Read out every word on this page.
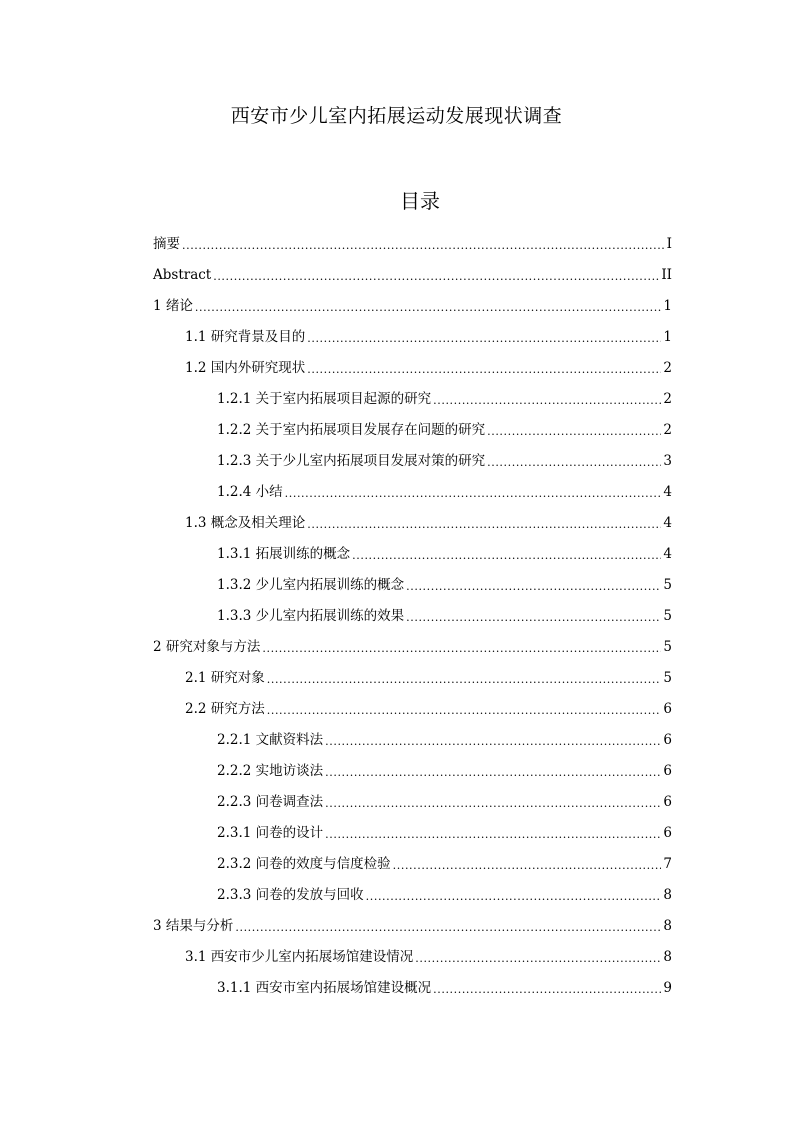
西安市少儿室内拓展运动发展现状调查
目录
摘要 .....	I
Abstract .....	II
1 绪论 .....	1
1.1 研究背景及目的 .....	1
1.2 国内外研究现状 .....	2
1.2.1 关于室内拓展项目起源的研究 .....	2
1.2.2 关于室内拓展项目发展存在问题的研究 .....	2
1.2.3 关于少儿室内拓展项目发展对策的研究 .....	3
1.2.4 小结 .....	4
1.3 概念及相关理论 .....	4
1.3.1 拓展训练的概念 .....	4
1.3.2 少儿室内拓展训练的概念 .....	5
1.3.3 少儿室内拓展训练的效果 .....	5
2 研究对象与方法 .....	5
2.1 研究对象 .....	5
2.2 研究方法 .....	6
2.2.1 文献资料法 .....	6
2.2.2 实地访谈法 .....	6
2.2.3 问卷调查法 .....	6
2.3.1 问卷的设计 .....	6
2.3.2 问卷的效度与信度检验 .....	7
2.3.3 问卷的发放与回收 .....	8
3 结果与分析 .....	8
3.1 西安市少儿室内拓展场馆建设情况 .....	8
3.1.1 西安市室内拓展场馆建设概况 .....	9
